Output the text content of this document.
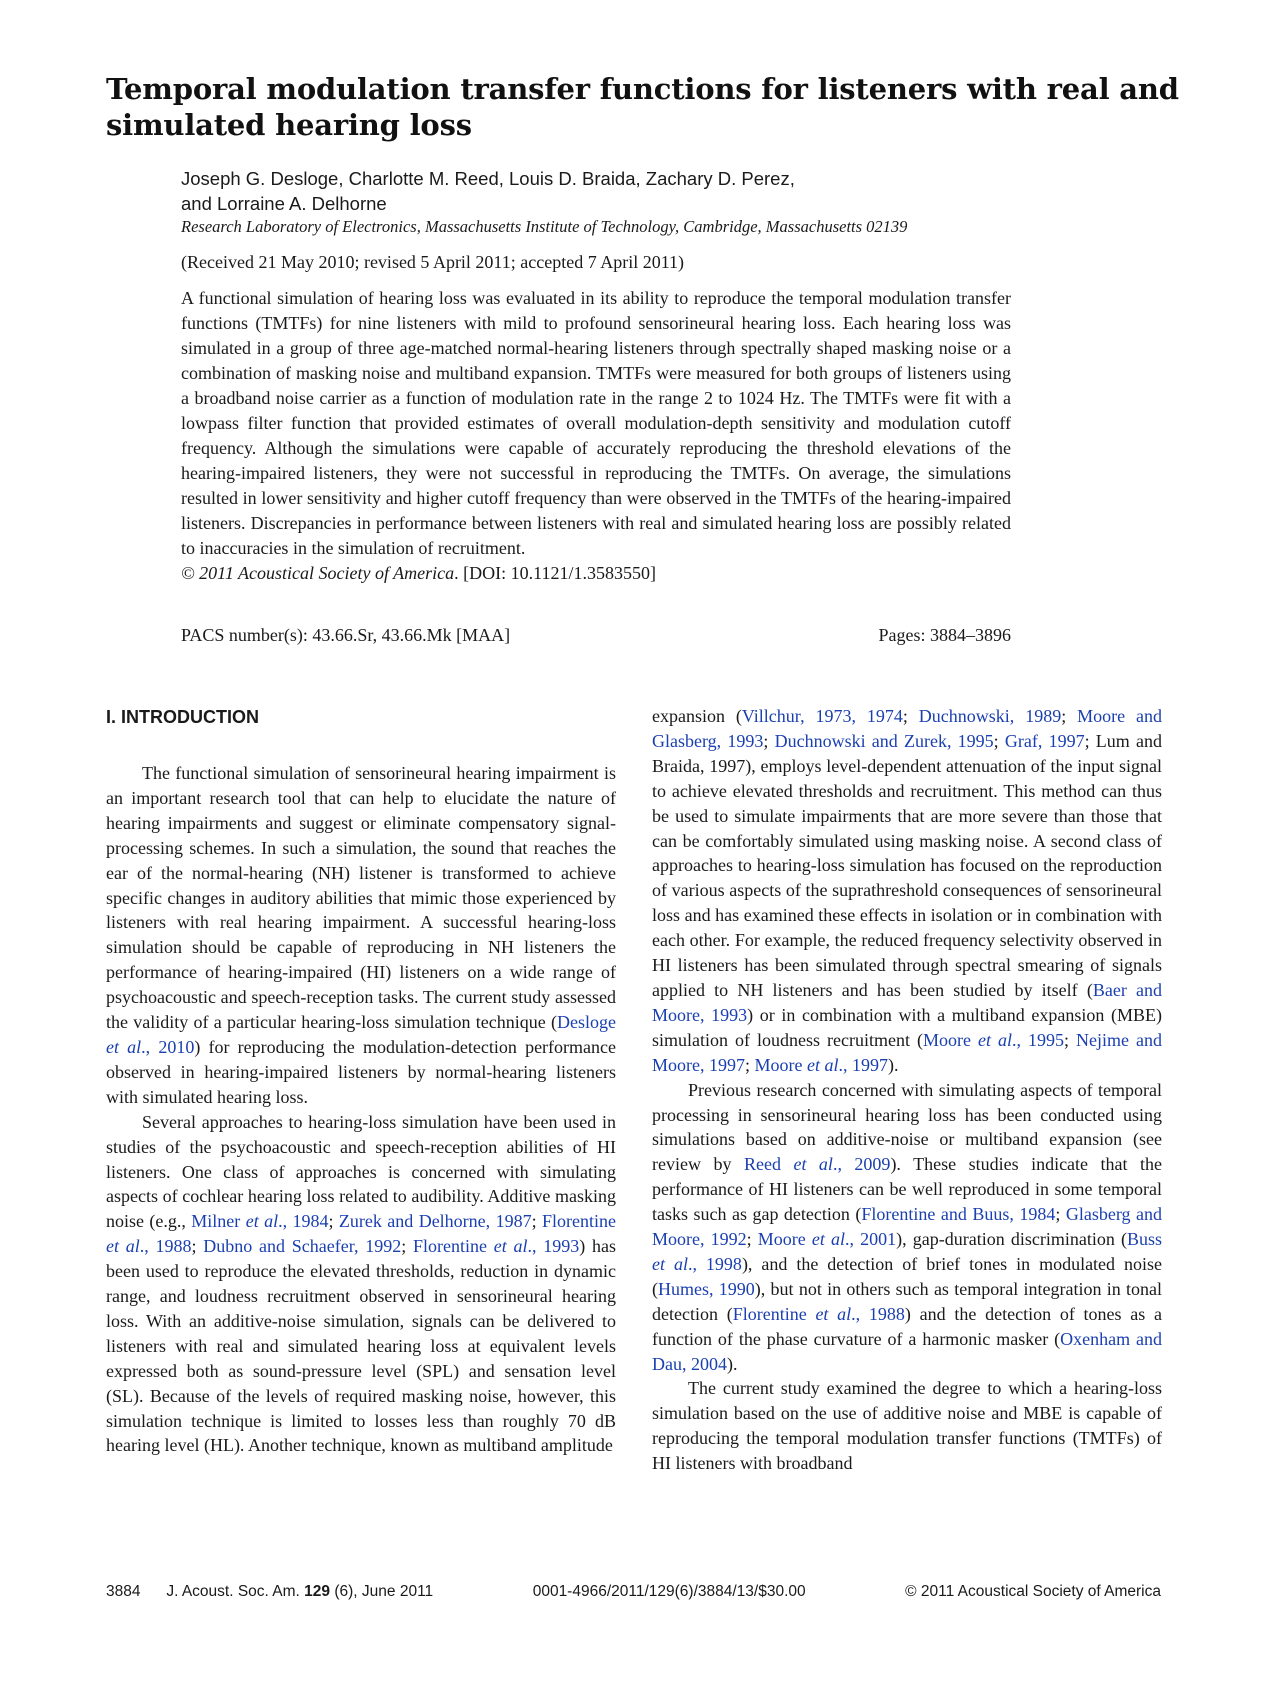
Temporal modulation transfer functions for listeners with real and simulated hearing loss
Joseph G. Desloge, Charlotte M. Reed, Louis D. Braida, Zachary D. Perez,
and Lorraine A. Delhorne
Research Laboratory of Electronics, Massachusetts Institute of Technology, Cambridge, Massachusetts 02139
(Received 21 May 2010; revised 5 April 2011; accepted 7 April 2011)

A functional simulation of hearing loss was evaluated in its ability to reproduce the temporal modulation transfer functions (TMTFs) for nine listeners with mild to profound sensorineural hearing loss. Each hearing loss was simulated in a group of three age-matched normal-hearing listeners through spectrally shaped masking noise or a combination of masking noise and multiband expansion. TMTFs were measured for both groups of listeners using a broadband noise carrier as a function of modulation rate in the range 2 to 1024 Hz. The TMTFs were fit with a lowpass filter function that provided estimates of overall modulation-depth sensitivity and modulation cutoff frequency. Although the simulations were capable of accurately reproducing the threshold elevations of the hearing-impaired listeners, they were not successful in reproducing the TMTFs. On average, the simulations resulted in lower sensitivity and higher cutoff frequency than were observed in the TMTFs of the hearing-impaired listeners. Discrepancies in performance between listeners with real and simulated hearing loss are possibly related to inaccuracies in the simulation of recruitment.
© 2011 Acoustical Society of America. [DOI: 10.1121/1.3583550]

PACS number(s): 43.66.Sr, 43.66.Mk [MAA]	Pages: 3884–3896
I. INTRODUCTION

The functional simulation of sensorineural hearing impairment is an important research tool that can help to elucidate the nature of hearing impairments and suggest or eliminate compensatory signal-processing schemes. In such a simulation, the sound that reaches the ear of the normal-hearing (NH) listener is transformed to achieve specific changes in auditory abilities that mimic those experienced by listeners with real hearing impairment. A successful hearing-loss simulation should be capable of reproducing in NH listeners the performance of hearing-impaired (HI) listeners on a wide range of psychoacoustic and speech-reception tasks. The current study assessed the validity of a particular hearing-loss simulation technique (Desloge et al., 2010) for reproducing the modulation-detection performance observed in hearing-impaired listeners by normal-hearing listeners with simulated hearing loss.

Several approaches to hearing-loss simulation have been used in studies of the psychoacoustic and speech-reception abilities of HI listeners. One class of approaches is concerned with simulating aspects of cochlear hearing loss related to audibility. Additive masking noise (e.g., Milner et al., 1984; Zurek and Delhorne, 1987; Florentine et al., 1988; Dubno and Schaefer, 1992; Florentine et al., 1993) has been used to reproduce the elevated thresholds, reduction in dynamic range, and loudness recruitment observed in sensorineural hearing loss. With an additive-noise simulation, signals can be delivered to listeners with real and simulated hearing loss at equivalent levels expressed both as sound-pressure level (SPL) and sensation level (SL). Because of the levels of required masking noise, however, this simulation technique is limited to losses less than roughly 70 dB hearing level (HL). Another technique, known as multiband amplitude

expansion (Villchur, 1973, 1974; Duchnowski, 1989; Moore and Glasberg, 1993; Duchnowski and Zurek, 1995; Graf, 1997; Lum and Braida, 1997), employs level-dependent attenuation of the input signal to achieve elevated thresholds and recruitment. This method can thus be used to simulate impairments that are more severe than those that can be comfortably simulated using masking noise. A second class of approaches to hearing-loss simulation has focused on the reproduction of various aspects of the suprathreshold consequences of sensorineural loss and has examined these effects in isolation or in combination with each other. For example, the reduced frequency selectivity observed in HI listeners has been simulated through spectral smearing of signals applied to NH listeners and has been studied by itself (Baer and Moore, 1993) or in combination with a multiband expansion (MBE) simulation of loudness recruitment (Moore et al., 1995; Nejime and Moore, 1997; Moore et al., 1997).

Previous research concerned with simulating aspects of temporal processing in sensorineural hearing loss has been conducted using simulations based on additive-noise or multiband expansion (see review by Reed et al., 2009). These studies indicate that the performance of HI listeners can be well reproduced in some temporal tasks such as gap detection (Florentine and Buus, 1984; Glasberg and Moore, 1992; Moore et al., 2001), gap-duration discrimination (Buss et al., 1998), and the detection of brief tones in modulated noise (Humes, 1990), but not in others such as temporal integration in tonal detection (Florentine et al., 1988) and the detection of tones as a function of the phase curvature of a harmonic masker (Oxenham and Dau, 2004).

The current study examined the degree to which a hearing-loss simulation based on the use of additive noise and MBE is capable of reproducing the temporal modulation transfer functions (TMTFs) of HI listeners with broadband

3884 J. Acoust. Soc. Am. 129 (6), June 2011	0001-4966/2011/129(6)/3884/13/$30.00	© 2011 Acoustical Society of America
